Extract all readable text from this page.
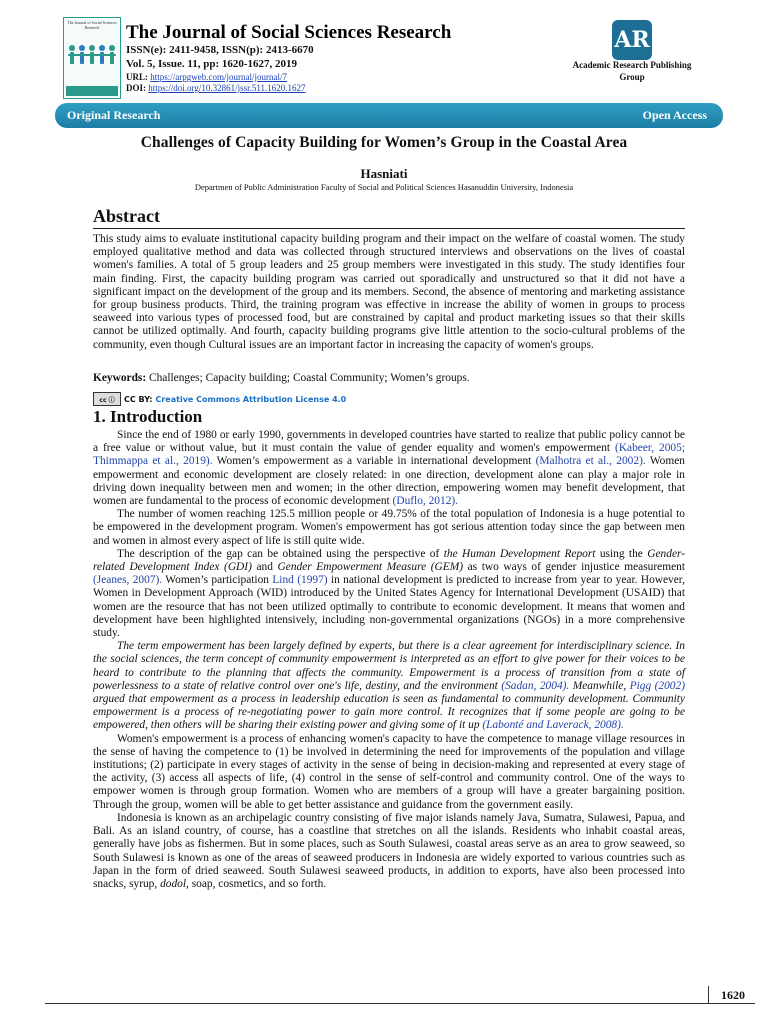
The Journal of Social Sciences Research	The Journal of Social Sciences Research
ISSN(e): 2411-9458, ISSN(p): 2413-6670
Vol. 5, Issue. 11, pp: 1620-1627, 2019
URL: https://arpgweb.com/journal/journal/7
DOI: https://doi.org/10.32861/jssr.511.1620.1627
AR
Academic Research Publishing Group
Original Research	Open Access
Challenges of Capacity Building for Women’s Group in the Coastal Area
Hasniati
Departmen of Public Administration Faculty of Social and Political Sciences Hasanuddin University, Indonesia
Abstract

This study aims to evaluate institutional capacity building program and their impact on the welfare of coastal women. The study employed qualitative method and data was collected through structured interviews and observations on the lives of coastal women's families. A total of 5 group leaders and 25 group members were investigated in this study. The study identifies four main finding. First, the capacity building program was carried out sporadically and unstructured so that it did not have a significant impact on the development of the group and its members. Second, the absence of mentoring and marketing assistance for group business products. Third, the training program was effective in increase the ability of women in groups to process seaweed into various types of processed food, but are constrained by capital and product marketing issues so that their skills cannot be utilized optimally. And fourth, capacity building programs give little attention to the socio-cultural problems of the community, even though Cultural issues are an important factor in increasing the capacity of women's groups.

Keywords: Challenges; Capacity building; Coastal Community; Women’s groups.
cc ⓘ	CC BY: Creative Commons Attribution License 4.0
1. Introduction

Since the end of 1980 or early 1990, governments in developed countries have started to realize that public policy cannot be a free value or without value, but it must contain the value of gender equality and women's empowerment (Kabeer, 2005; Thimmappa et al., 2019). Women’s empowerment as a variable in international development (Malhotra et al., 2002). Women empowerment and economic development are closely related: in one direction, development alone can play a major role in driving down inequality between men and women; in the other direction, empowering women may benefit development, that women are fundamental to the process of economic development (Duflo, 2012).

The number of women reaching 125.5 million people or 49.75% of the total population of Indonesia is a huge potential to be empowered in the development program. Women's empowerment has got serious attention today since the gap between men and women in almost every aspect of life is still quite wide.

The description of the gap can be obtained using the perspective of the Human Development Report using the Gender-related Development Index (GDI) and Gender Empowerment Measure (GEM) as two ways of gender injustice measurement (Jeanes, 2007). Women’s participation Lind (1997) in national development is predicted to increase from year to year. However, Women in Development Approach (WID) introduced by the United States Agency for International Development (USAID) that women are the resource that has not been utilized optimally to contribute to economic development. It means that women and development have been highlighted intensively, including non-governmental organizations (NGOs) in a more comprehensive study.

The term empowerment has been largely defined by experts, but there is a clear agreement for interdisciplinary science. In the social sciences, the term concept of community empowerment is interpreted as an effort to give power for their voices to be heard to contribute to the planning that affects the community. Empowerment is a process of transition from a state of powerlessness to a state of relative control over one's life, destiny, and the environment (Sadan, 2004). Meanwhile, Pigg (2002) argued that empowerment as a process in leadership education is seen as fundamental to community development. Community empowerment is a process of re-negotiating power to gain more control. It recognizes that if some people are going to be empowered, then others will be sharing their existing power and giving some of it up (Labonté and Laverack, 2008).

Women's empowerment is a process of enhancing women's capacity to have the competence to manage village resources in the sense of having the competence to (1) be involved in determining the need for improvements of the population and village institutions; (2) participate in every stages of activity in the sense of being in decision-making and represented at every stage of the activity, (3) access all aspects of life, (4) control in the sense of self-control and community control. One of the ways to empower women is through group formation. Women who are members of a group will have a greater bargaining position. Through the group, women will be able to get better assistance and guidance from the government easily.

Indonesia is known as an archipelagic country consisting of five major islands namely Java, Sumatra, Sulawesi, Papua, and Bali. As an island country, of course, has a coastline that stretches on all the islands. Residents who inhabit coastal areas, generally have jobs as fishermen. But in some places, such as South Sulawesi, coastal areas serve as an area to grow seaweed, so South Sulawesi is known as one of the areas of seaweed producers in Indonesia are widely exported to various countries such as Japan in the form of dried seaweed. South Sulawesi seaweed products, in addition to exports, have also been processed into snacks, syrup, dodol, soap, cosmetics, and so forth.

1620
